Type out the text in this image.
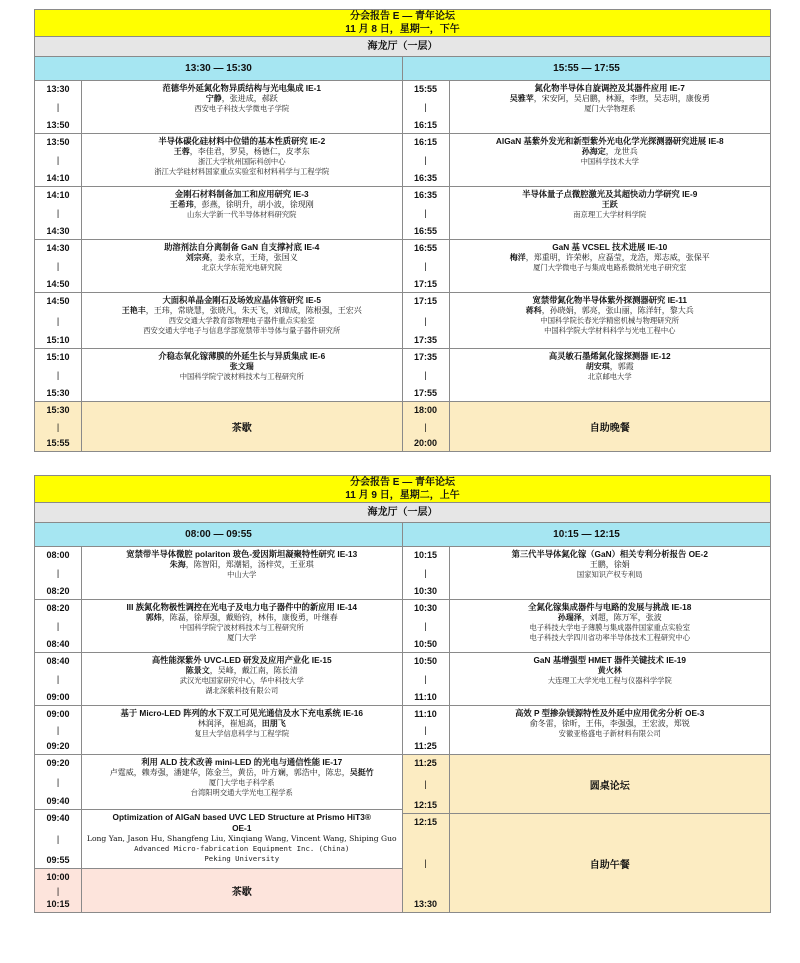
分会报告 E — 青年论坛
11 月 8 日，星期一，下午
海龙厅（一层）
13:30 — 15:30	15:55 — 17:55
13:30
|
13:50
范德华外延氮化物异质结构与光电集成 IE-1
宁静，张进成，郝跃
西安电子科技大学微电子学院
13:50
|
14:10
半导体碳化硅材料中位错的基本性质研究 IE-2
王蓉，李佳君，罗昊，杨德仁，皮孝东
浙江大学杭州国际科创中心
浙江大学硅材料国家重点实验室和材料科学与工程学院
14:10
|
14:30
金刚石材料制备加工和应用研究 IE-3
王希玮，彭燕，徐明升，胡小波，徐现刚
山东大学新一代半导体材料研究院
14:30
|
14:50
助溶剂法自分离制备 GaN 自支撑衬底 IE-4
刘宗亮，姜永京，王琦，张国义
北京大学东莞光电研究院
14:50
|
15:10
大面积单晶金刚石及场效应晶体管研究 IE-5
王艳丰，王玮，常晓慧，张晓凡，朱天飞，刘璋成，陈根强，王宏兴
西安交通大学教育部物理电子器件重点实验室
西安交通大学电子与信息学部宽禁带半导体与量子器件研究所
15:10
|
15:30
介稳态氧化镓薄膜的外延生长与异质集成 IE-6
张文瑞
中国科学院宁波材料技术与工程研究所
15:30
|
15:55
茶歇
15:55
|
16:15
氮化物半导体自旋调控及其器件应用 IE-7
吴雅苹，宋安阿，吴启鹏，林源，李煦，吴志明，康俊勇
厦门大学物理系
16:15
|
16:35
AlGaN 基紫外发光和新型紫外光电化学光探测器研究进展 IE-8
孙海定，龙世兵
中国科学技术大学
16:35
|
16:55
半导体量子点微腔激光及其超快动力学研究 IE-9
王跃
南京理工大学材料学院
16:55
|
17:15
GaN 基 VCSEL 技术进展 IE-10
梅洋，郑重明，许荣彬，应磊莹，龙浩，郑志威，张保平
厦门大学微电子与集成电路系微纳光电子研究室
17:15
|
17:35
宽禁带氮化物半导体紫外探测器研究 IE-11
蒋科，孙晓娟，郭亮，张山丽，陈洋轩，黎大兵
中国科学院长春光学精密机械与物理研究所
中国科学院大学材料科学与光电工程中心
17:35
|
17:55
高灵敏石墨烯氮化镓探测器 IE-12
胡安琪，郭霞
北京邮电大学
18:00
|
20:00
自助晚餐
分会报告 E — 青年论坛
11 月 9 日，星期二，上午
海龙厅（一层）
08:00 — 09:55	10:15 — 12:15
08:00
|
08:20
宽禁带半导体微腔 polariton 玻色-爱因斯坦凝聚特性研究 IE-13
朱海，陈智阳，郑潮韬，汤梓荧，王亚琪
中山大学
08:20
|
08:40
III 族氮化物极性调控在光电子及电力电子器件中的新应用 IE-14
郭炜，陈磊，徐厚强，戴贻钧，林伟，康俊勇，叶继春
中国科学院宁波材料技术与工程研究所
厦门大学
08:40
|
09:00
高性能深紫外 UVC-LED 研发及应用产业化 IE-15
陈景文，吴峰，戴江南，陈长清
武汉光电国家研究中心，华中科技大学
湖北深紫科技有限公司
09:00
|
09:20
基于 Micro-LED 阵列的水下双工可见光通信及水下充电系统 IE-16
林润泽，崔旭高，田朋飞
复旦大学信息科学与工程学院
09:20
|
09:40
利用 ALD 技术改善 mini-LED 的光电与通信性能 IE-17
卢霆威，赖寿强，潘建华，陈金兰，黄岳，叶方斓，郭浩中，陈忠，吴挺竹
厦门大学电子科学系
台湾阳明交通大学光电工程学系
09:40
|
09:55
Optimization of AlGaN based UVC LED Structure at Prismo HiT3®
OE-1
Long Yan, Jason Hu, Shangfeng Liu, Xinqiang Wang, Vincent Wang, Shiping Guo
Advanced Micro-fabrication Equipment Inc. (China)
Peking University
10:00
|
10:15
茶歇
10:15
|
10:30
第三代半导体氮化镓（GaN）相关专利分析报告 OE-2
王鹏，徐娟
国家知识产权专利局
10:30
|
10:50
全氮化镓集成器件与电路的发展与挑战 IE-18
孙瑞泽，刘超，陈万军，张波
电子科技大学电子薄膜与集成器件国家重点实验室
电子科技大学四川省功率半导体技术工程研究中心
10:50
|
11:10
GaN 基增强型 HMET 器件关键技术 IE-19
黄火林
大连理工大学光电工程与仪器科学学院
11:10
|
11:25
高效 P 型掺杂镁源特性及外延中应用优劣分析 OE-3
俞冬雷，徐昕，王伟，李强强，王宏波，郑锐
安徽亚格盛电子新材料有限公司
11:25
|
12:15
圆桌论坛
12:15
|
13:30
自助午餐
